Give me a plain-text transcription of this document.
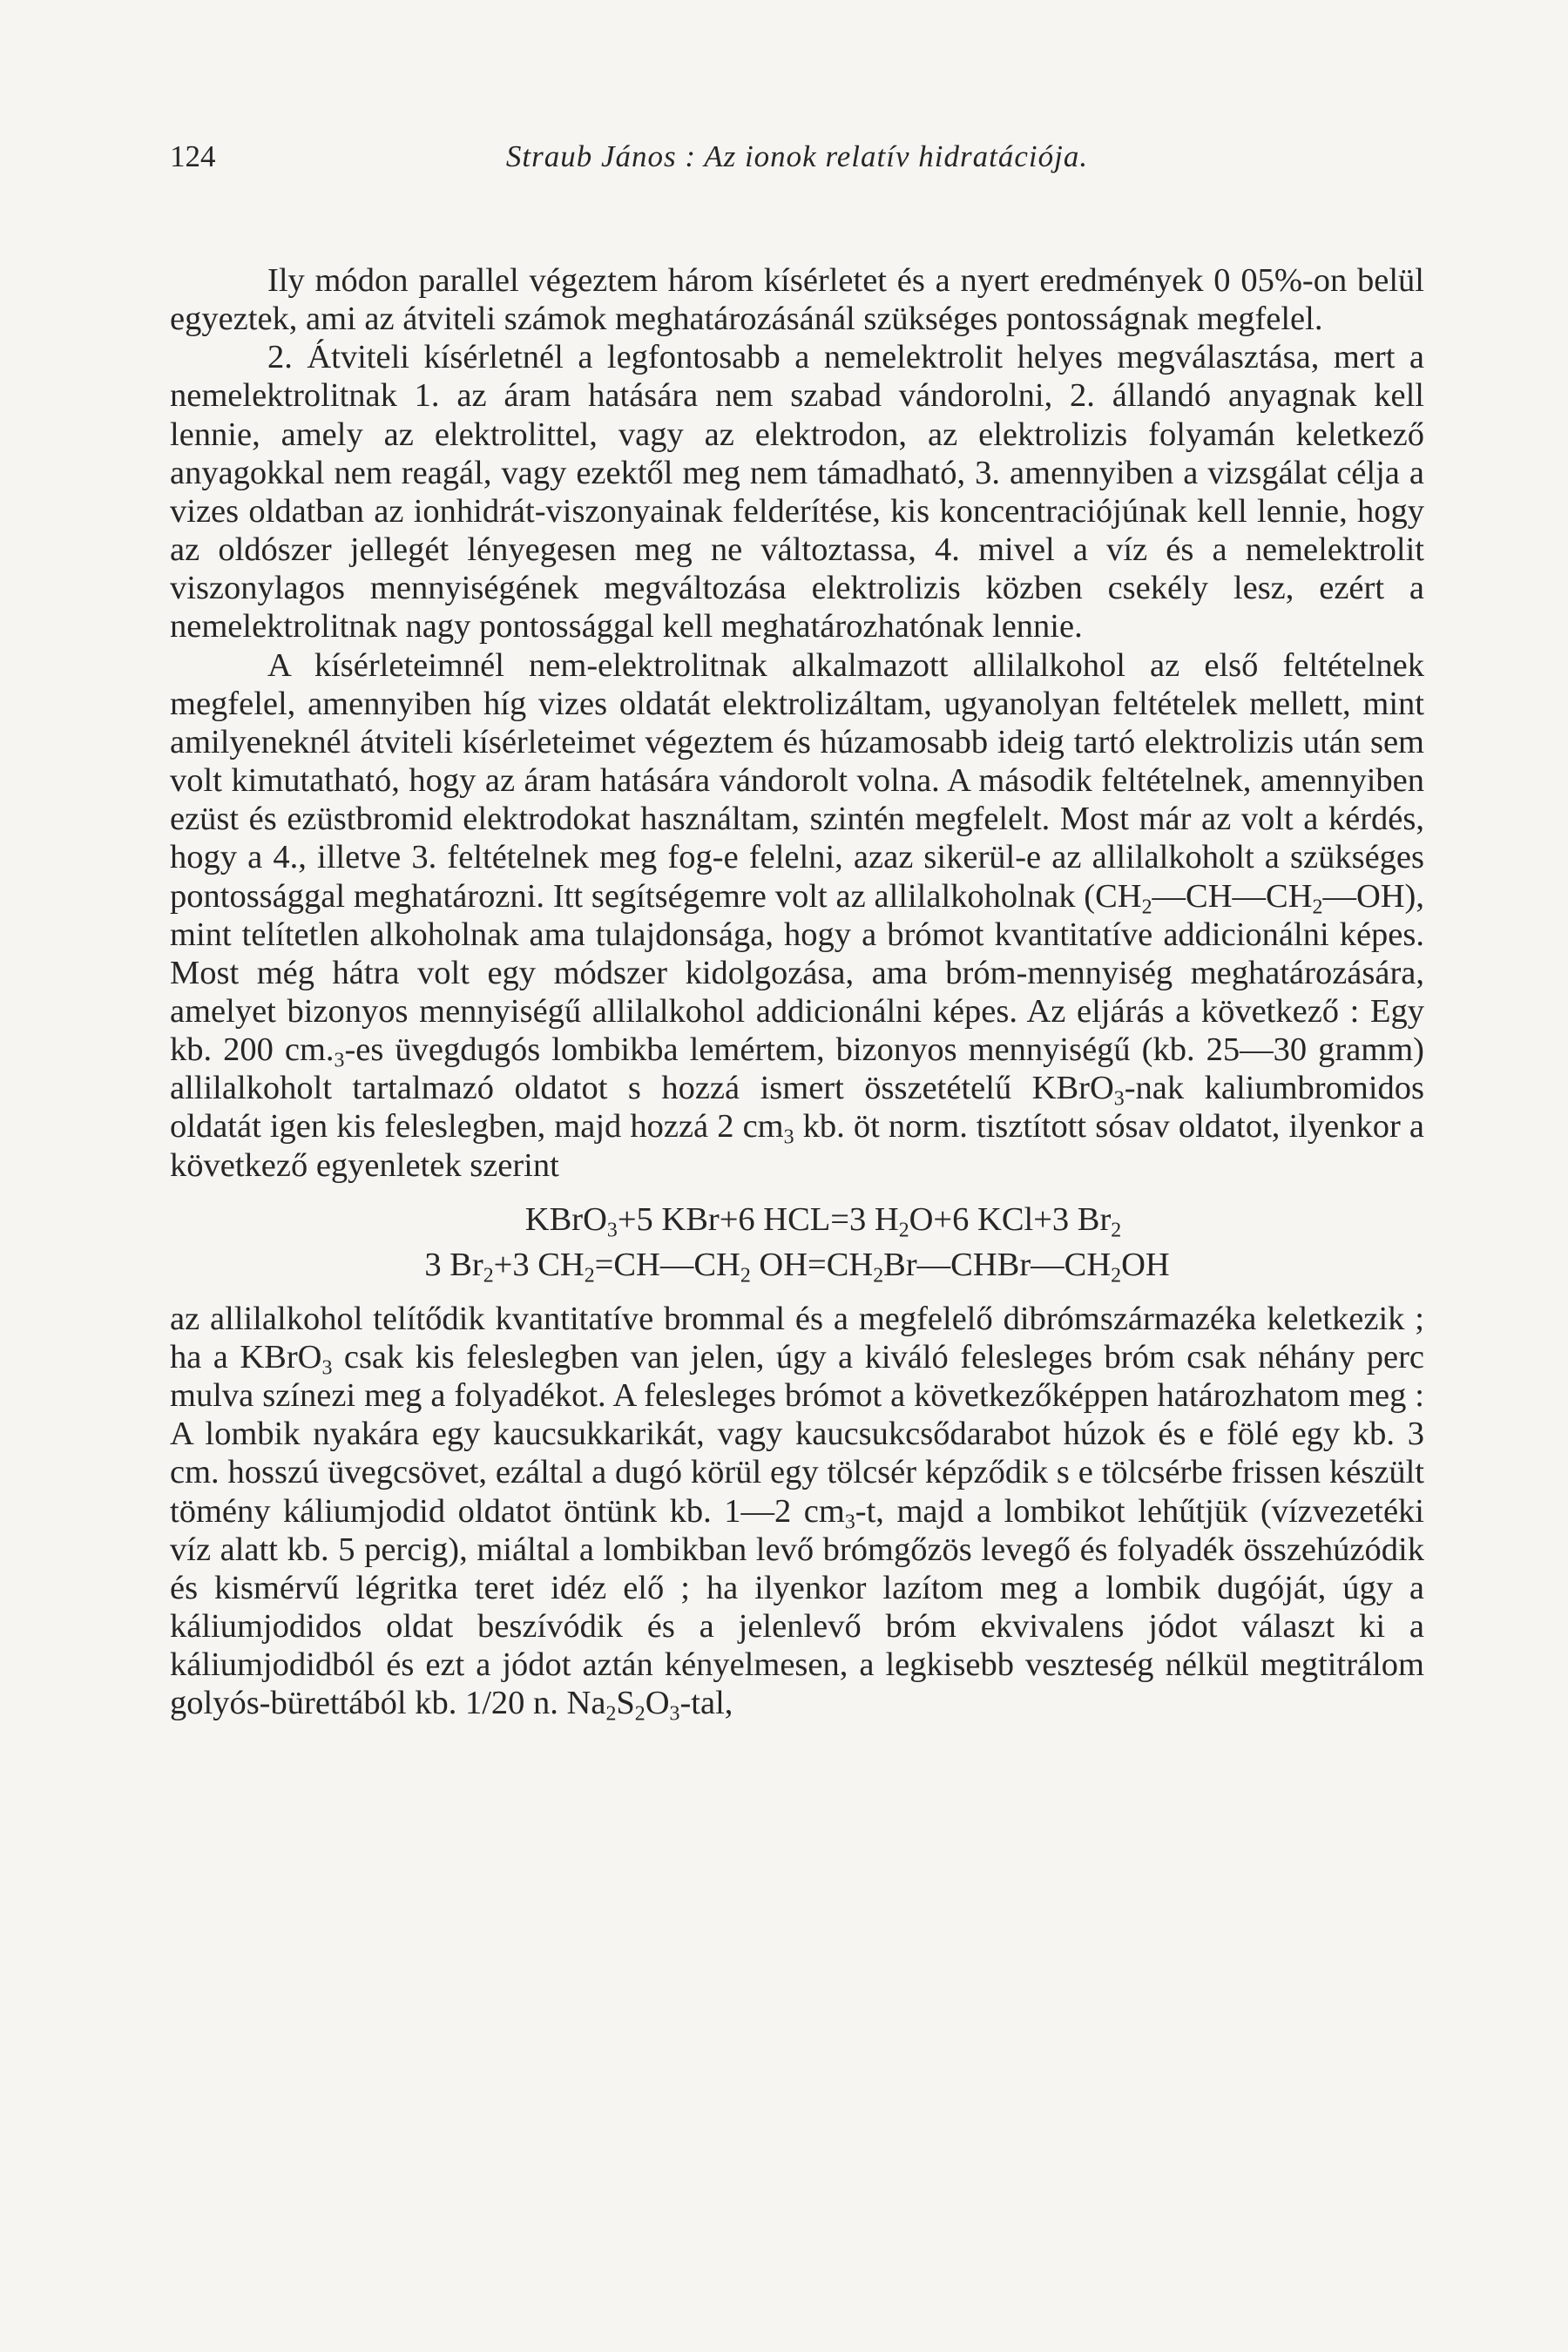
124	Straub János : Az ionok relatív hidratációja.

Ily módon parallel végeztem három kísérletet és a nyert eredmények 0 05%-on belül egyeztek, ami az átviteli számok meghatározásánál szükséges pontosságnak megfelel.

2. Átviteli kísérletnél a legfontosabb a nemelektrolit helyes megválasztása, mert a nemelektrolitnak 1. az áram hatására nem szabad vándorolni, 2. állandó anyagnak kell lennie, amely az elektrolittel, vagy az elektrodon, az elektrolizis folyamán keletkező anyagokkal nem reagál, vagy ezektől meg nem támadható, 3. amennyiben a vizsgálat célja a vizes oldatban az ionhidrát-viszonyainak felderítése, kis koncentraciójúnak kell lennie, hogy az oldószer jellegét lényegesen meg ne változtassa, 4. mivel a víz és a nemelektrolit viszonylagos mennyiségének megváltozása elektrolizis közben csekély lesz, ezért a nemelektrolitnak nagy pontossággal kell meghatározhatónak lennie.

A kísérleteimnél nem-elektrolitnak alkalmazott allilalkohol az első feltételnek megfelel, amennyiben híg vizes oldatát elektrolizáltam, ugyanolyan feltételek mellett, mint amilyeneknél átviteli kísérleteimet végeztem és húzamosabb ideig tartó elektrolizis után sem volt kimutatható, hogy az áram hatására vándorolt volna. A második feltételnek, amennyiben ezüst és ezüstbromid elektrodokat használtam, szintén megfelelt. Most már az volt a kérdés, hogy a 4., illetve 3. feltételnek meg fog-e felelni, azaz sikerül-e az allilalkoholt a szükséges pontossággal meghatározni. Itt segítségemre volt az allilalkoholnak $(CH_2—CH—CH_2—OH)$, mint telítetlen alkoholnak ama tulajdonsága, hogy a brómot kvantitatíve addicionálni képes. Most még hátra volt egy módszer kidolgozása, ama bróm-mennyiség meghatározására, amelyet bizonyos mennyiségű allilalkohol addicionálni képes. Az eljárás a következő : Egy kb. 200 $cm._3-es$ üvegdugós lombikba lemértem, bizonyos mennyiségű (kb. 25—30 gramm) allilalkoholt tartalmazó oldatot s hozzá ismert összetételű KBrO$_3$-nak kaliumbromidos oldatát igen kis feleslegben, majd hozzá 2 $cm_3$ kb. öt norm. tisztított sósav oldatot, ilyenkor a következő egyenletek szerint

KBrO$_3$+5 KBr+6 HCL=3 $H_2O+6$ KCl+3 $Br_2$
3 $Br_2+3$ $CH_2=CH—CH_2$ $OH=CH_2Br—CHBr—CH_2OH$

az allilalkohol telítődik kvantitatíve brommal és a megfelelő dibrómszármazéka keletkezik ; ha a KBrO$_3$ csak kis feleslegben van jelen, úgy a kiváló felesleges bróm csak néhány perc mulva színezi meg a folyadékot. A felesleges brómot a következőképpen határozhatom meg : A lombik nyakára egy kaucsukkarikát, vagy kaucsukcsődarabot húzok és e fölé egy kb. 3 cm. hosszú üvegcsövet, ezáltal a dugó körül egy tölcsér képződik s e tölcsérbe frissen készült tömény káliumjodid oldatot öntünk kb. 1—2 $cm_3-t$, majd a lombikot lehűtjük (vízvezetéki víz alatt kb. 5 percig), miáltal a lombikban levő brómgőzös levegő és folyadék összehúzódik és kismérvű légritka teret idéz elő ; ha ilyenkor lazítom meg a lombik dugóját, úgy a káliumjodidos oldat beszívódik és a jelenlevő bróm ekvivalens jódot választ ki a káliumjodidból és ezt a jódot aztán kényelmesen, a legkisebb veszteség nélkül megtitrálom golyós-bürettából kb. 1/20 n. $Na_2S_2O_3$-tal,
